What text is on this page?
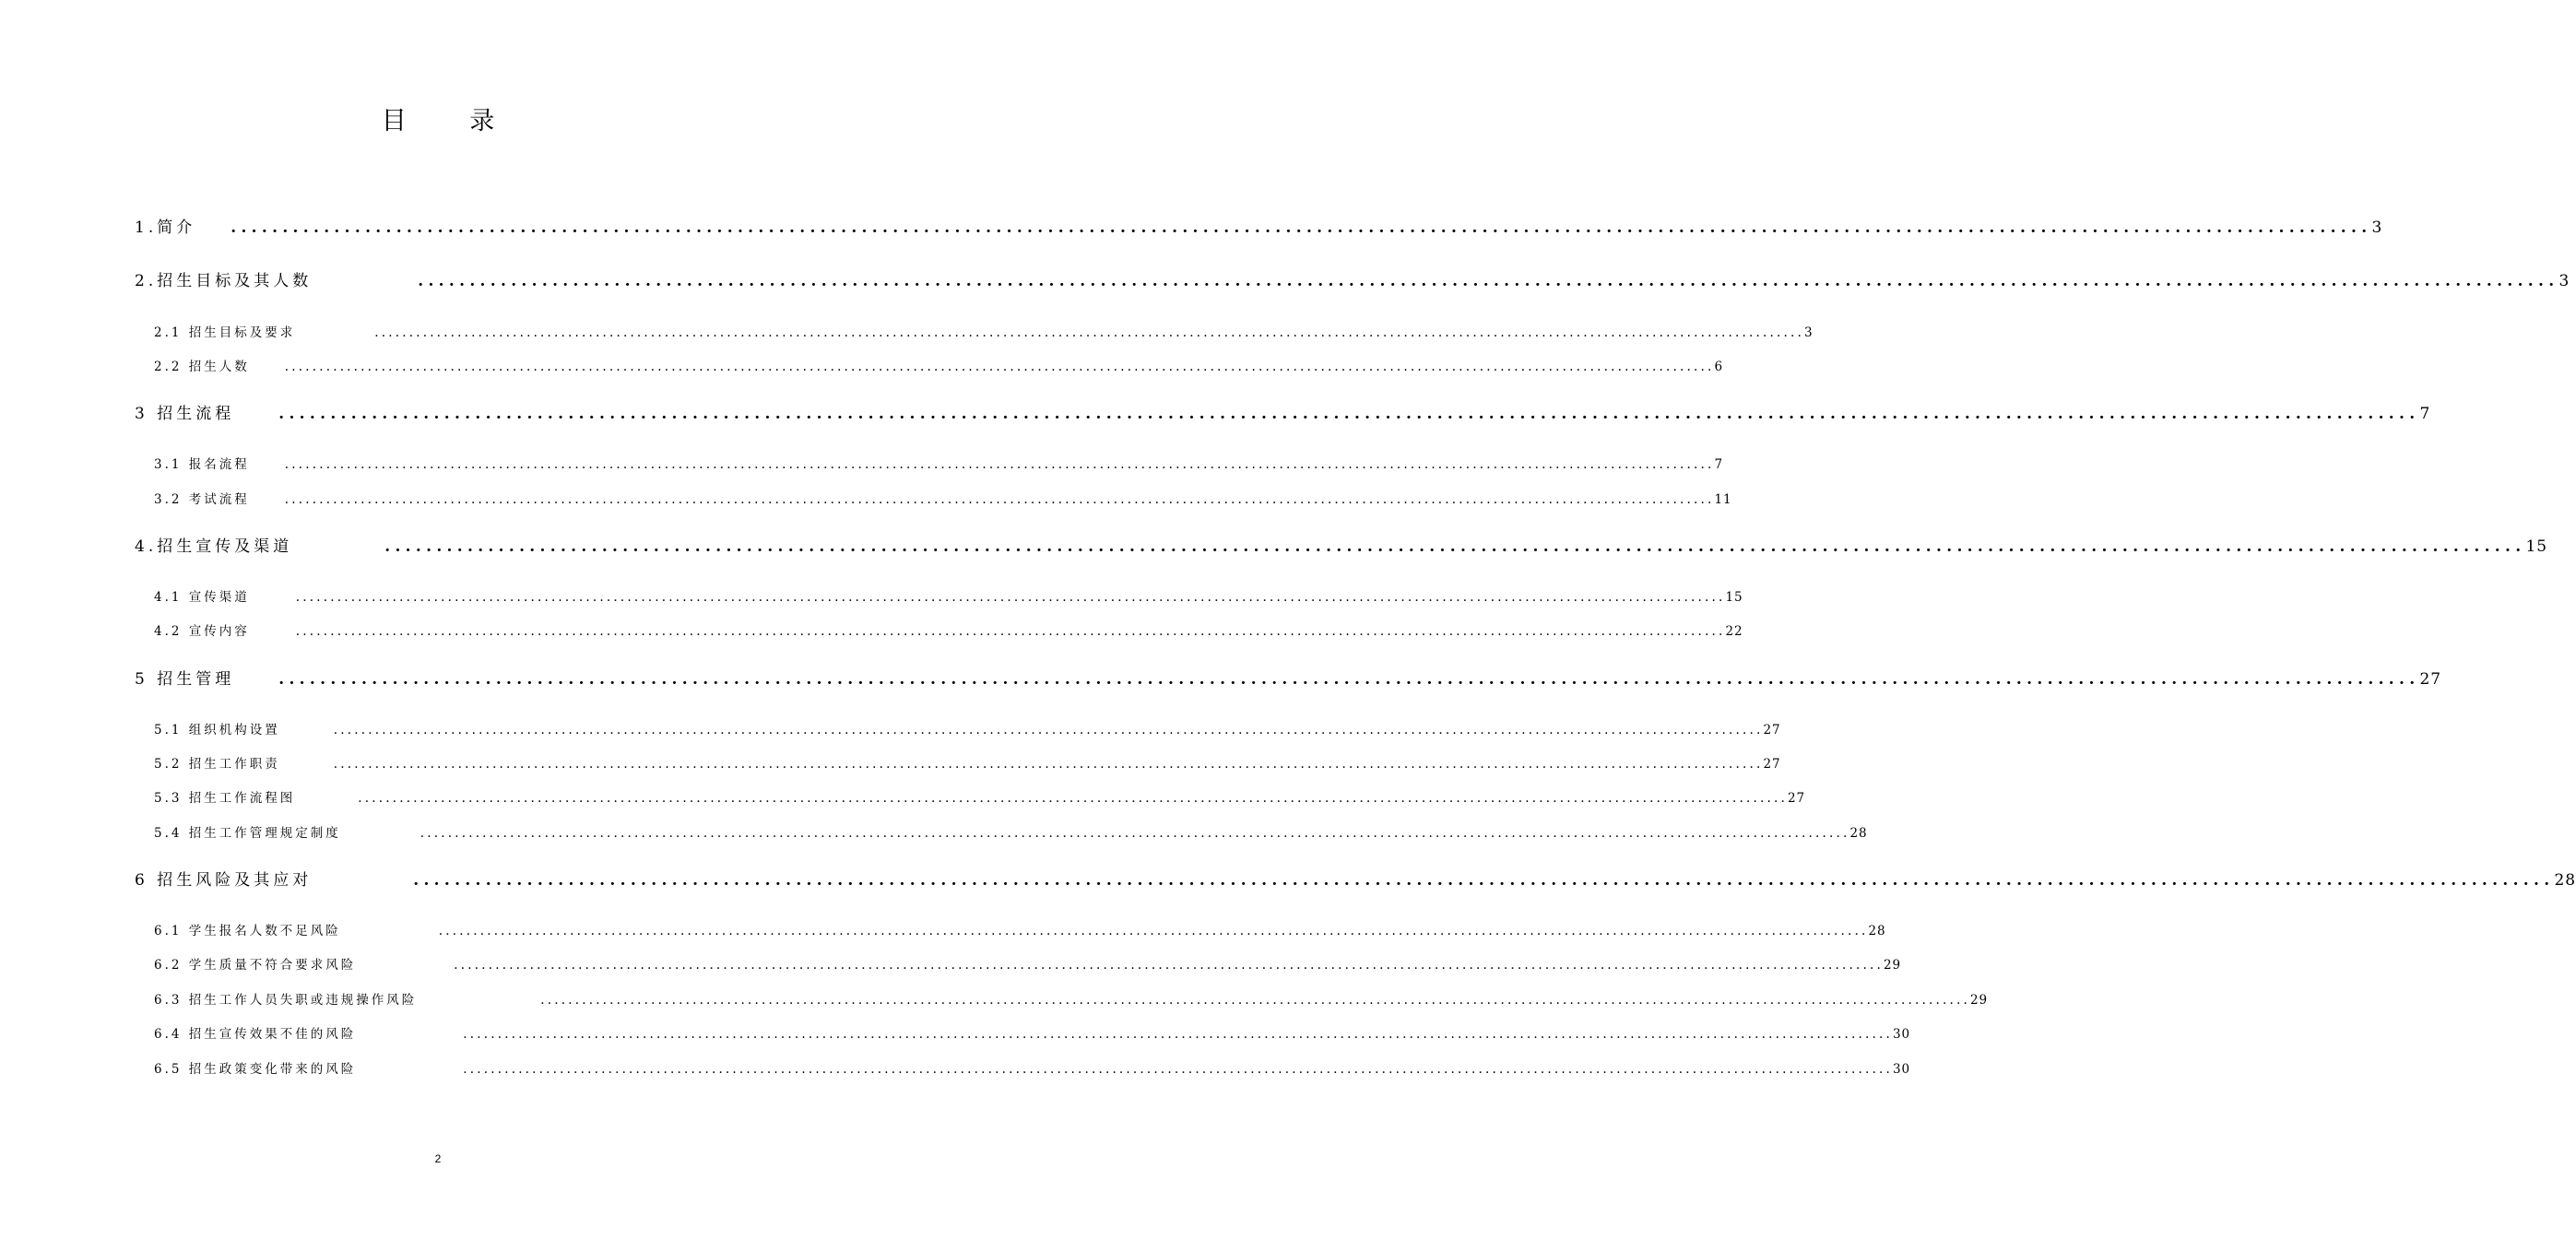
目 录
1.简介 ............................................................................................................................................................................................................... 3
2.招生目标及其人数	............................................................................................................................................................................................................... 3
2.1 招生目标及要求	............................................................................................................................................................................................................... 3
2.2 招生人数	............................................................................................................................................................................................................... 6
3 招生流程	............................................................................................................................................................................................................... 7
3.1 报名流程	............................................................................................................................................................................................................... 7
3.2 考试流程	............................................................................................................................................................................................................... 11
4.招生宣传及渠道	............................................................................................................................................................................................................... 15
4.1 宣传渠道	............................................................................................................................................................................................................... 15
4.2 宣传内容	............................................................................................................................................................................................................... 22
5 招生管理	............................................................................................................................................................................................................... 27
5.1 组织机构设置	............................................................................................................................................................................................................... 27
5.2 招生工作职责	............................................................................................................................................................................................................... 27
5.3 招生工作流程图	............................................................................................................................................................................................................... 27
5.4 招生工作管理规定制度	............................................................................................................................................................................................................... 28
6 招生风险及其应对	............................................................................................................................................................................................................... 28
6.1 学生报名人数不足风险	............................................................................................................................................................................................................... 28
6.2 学生质量不符合要求风险	............................................................................................................................................................................................................... 29
6.3 招生工作人员失职或违规操作风险	............................................................................................................................................................................................................... 29
6.4 招生宣传效果不佳的风险	............................................................................................................................................................................................................... 30
6.5 招生政策变化带来的风险	............................................................................................................................................................................................................... 30
2
